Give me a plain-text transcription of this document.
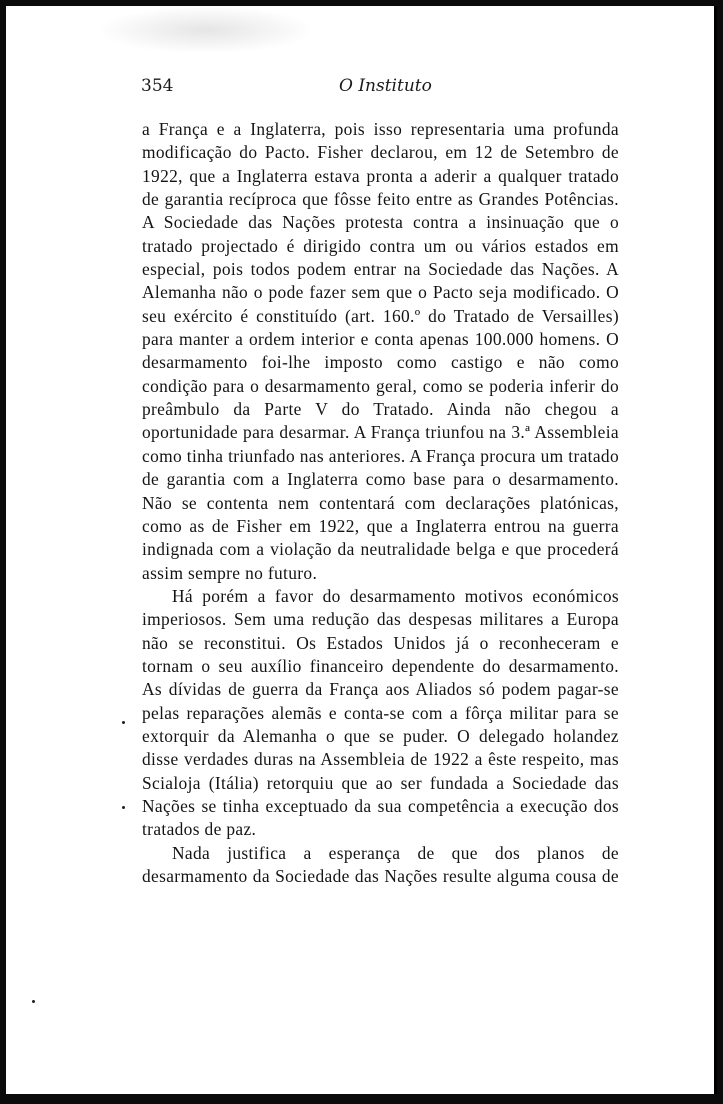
354	O Instituto

a França e a Inglaterra, pois isso representaria uma profunda modificação do Pacto. Fisher declarou, em 12 de Setembro de 1922, que a Inglaterra estava pronta a aderir a qualquer tratado de garantia recíproca que fôsse feito entre as Grandes Potências. A Sociedade das Nações protesta contra a insinuação que o tratado projectado é dirigido contra um ou vários estados em especial, pois todos podem entrar na Sociedade das Nações. A Alemanha não o pode fazer sem que o Pacto seja modificado. O seu exército é constituído (art. 160.º do Tratado de Versailles) para manter a ordem interior e conta apenas 100.000 homens. O desarmamento foi-lhe imposto como castigo e não como condição para o desarmamento geral, como se poderia inferir do preâmbulo da Parte V do Tratado. Ainda não chegou a oportunidade para desarmar. A França triunfou na 3.ª Assembleia como tinha triunfado nas anteriores. A França procura um tratado de garantia com a Inglaterra como base para o desarmamento. Não se contenta nem contentará com declarações platónicas, como as de Fisher em 1922, que a Inglaterra entrou na guerra indignada com a violação da neutralidade belga e que procederá assim sempre no futuro.

Há porém a favor do desarmamento motivos económicos imperiosos. Sem uma redução das despesas militares a Europa não se reconstitui. Os Estados Unidos já o reconheceram e tornam o seu auxílio financeiro dependente do desarmamento. As dívidas de guerra da França aos Aliados só podem pagar-se pelas reparações alemãs e conta-se com a fôrça militar para se extorquir da Alemanha o que se puder. O delegado holandez disse verdades duras na Assembleia de 1922 a êste respeito, mas Scialoja (Itália) retorquiu que ao ser fundada a Sociedade das Nações se tinha exceptuado da sua competência a execução dos tratados de paz.

Nada justifica a esperança de que dos planos de desarmamento da Sociedade das Nações resulte alguma cousa de
